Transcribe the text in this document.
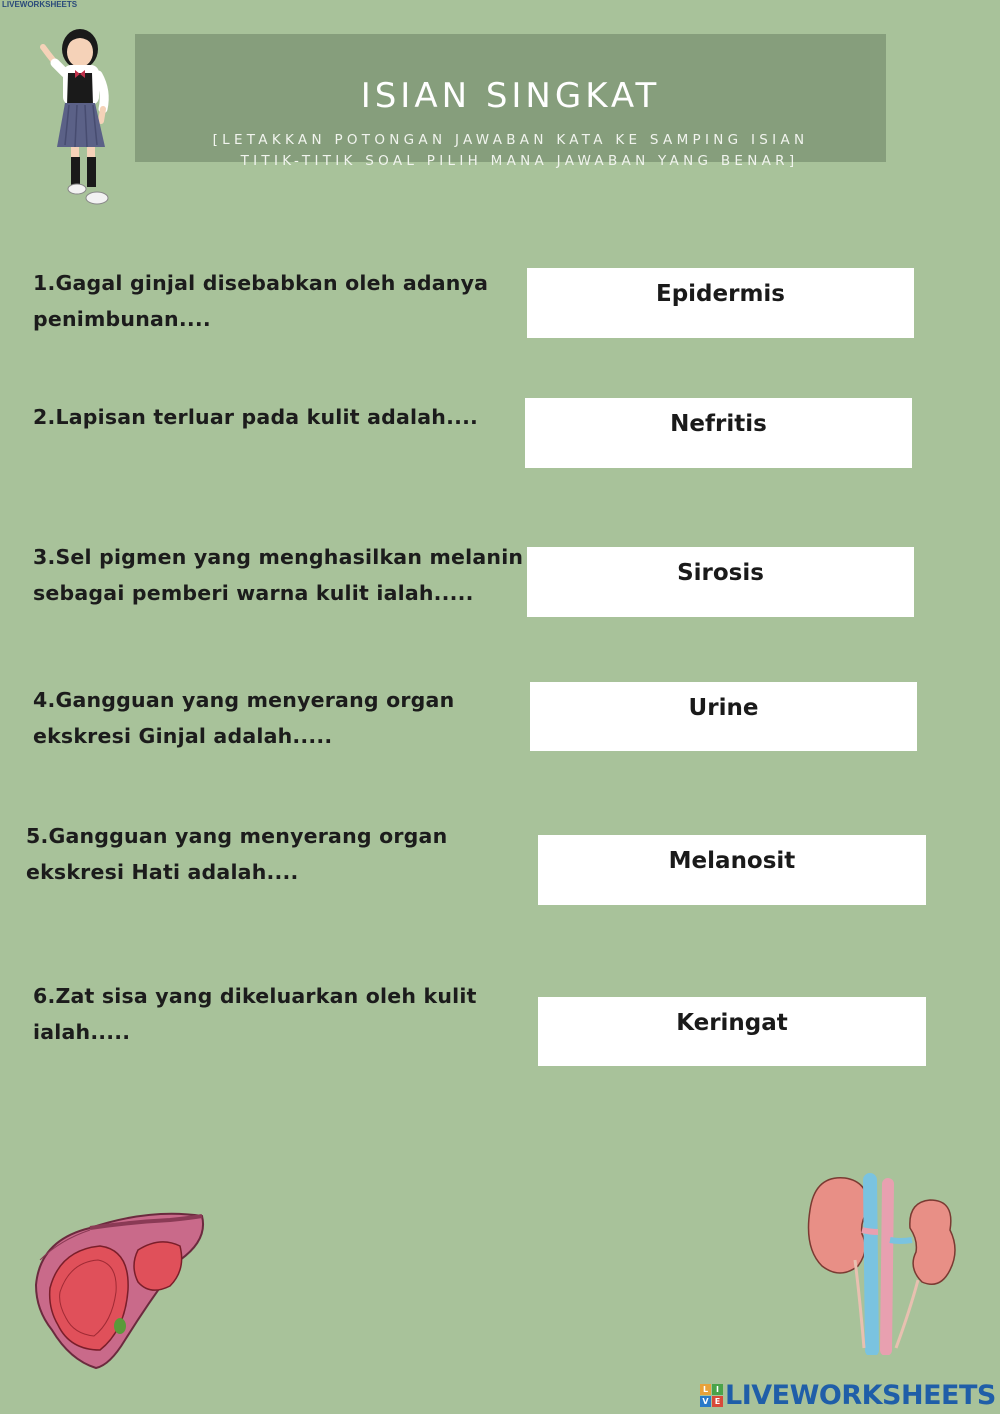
LIVEWORKSHEETS
ISIAN SINGKAT
[LETAKKAN POTONGAN JAWABAN KATA KE SAMPING ISIAN
TITIK-TITIK SOAL PILIH MANA JAWABAN YANG BENAR]
1.Gagal ginjal disebabkan oleh adanya
penimbunan....
2.Lapisan terluar pada kulit adalah....
3.Sel pigmen yang menghasilkan melanin
sebagai pemberi warna kulit ialah.....
4.Gangguan yang menyerang organ
ekskresi Ginjal adalah.....
5.Gangguan yang menyerang organ
ekskresi Hati adalah....
6.Zat sisa yang dikeluarkan oleh kulit
ialah.....
Epidermis
Nefritis
Sirosis
Urine
Melanosit
Keringat
L I
V E LIVEWORKSHEETS
